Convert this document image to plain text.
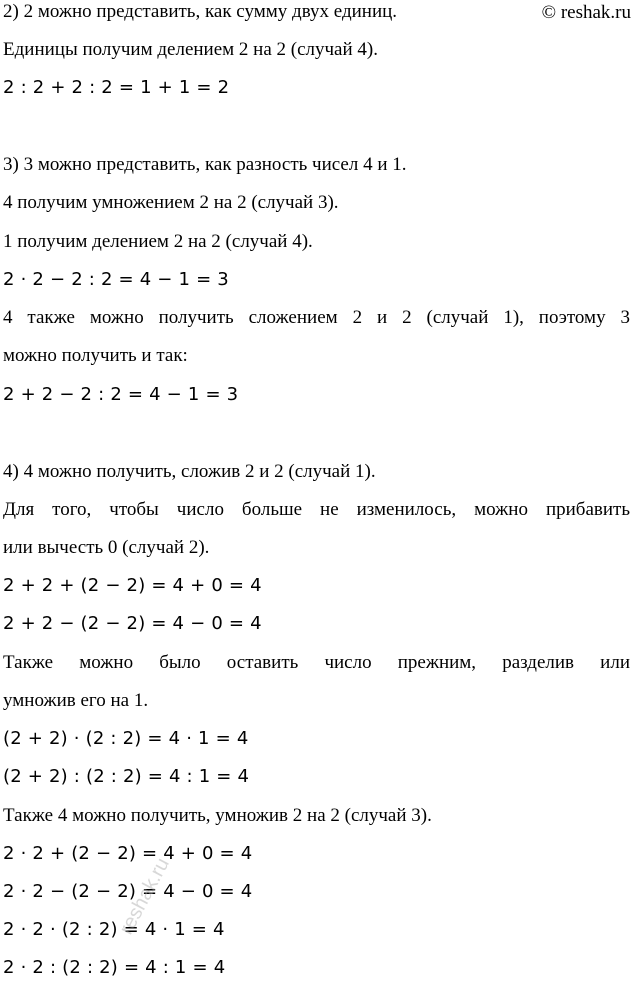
© reshak.ru
2) 2 можно представить, как сумму двух единиц.
Единицы получим делением 2 на 2 (случай 4).
2 : 2 + 2 : 2 = 1 + 1 = 2
3) 3 можно представить, как разность чисел 4 и 1.
4 получим умножением 2 на 2 (случай 3).
1 получим делением 2 на 2 (случай 4).
2 · 2 − 2 : 2 = 4 − 1 = 3
4 также можно получить сложением 2 и 2 (случай 1), поэтому 3
можно получить и так:
2 + 2 − 2 : 2 = 4 − 1 = 3
4) 4 можно получить, сложив 2 и 2 (случай 1).
Для того, чтобы число больше не изменилось, можно прибавить
или вычесть 0 (случай 2).
2 + 2 + (2 − 2) = 4 + 0 = 4
2 + 2 − (2 − 2) = 4 − 0 = 4
Также можно было оставить число прежним, разделив или
умножив его на 1.
(2 + 2) · (2 : 2) = 4 · 1 = 4
(2 + 2) : (2 : 2) = 4 : 1 = 4
Также 4 можно получить, умножив 2 на 2 (случай 3).
2 · 2 + (2 − 2) = 4 + 0 = 4
2 · 2 − (2 − 2) = 4 − 0 = 4
2 · 2 · (2 : 2) = 4 · 1 = 4
2 · 2 : (2 : 2) = 4 : 1 = 4
reshak.ru
